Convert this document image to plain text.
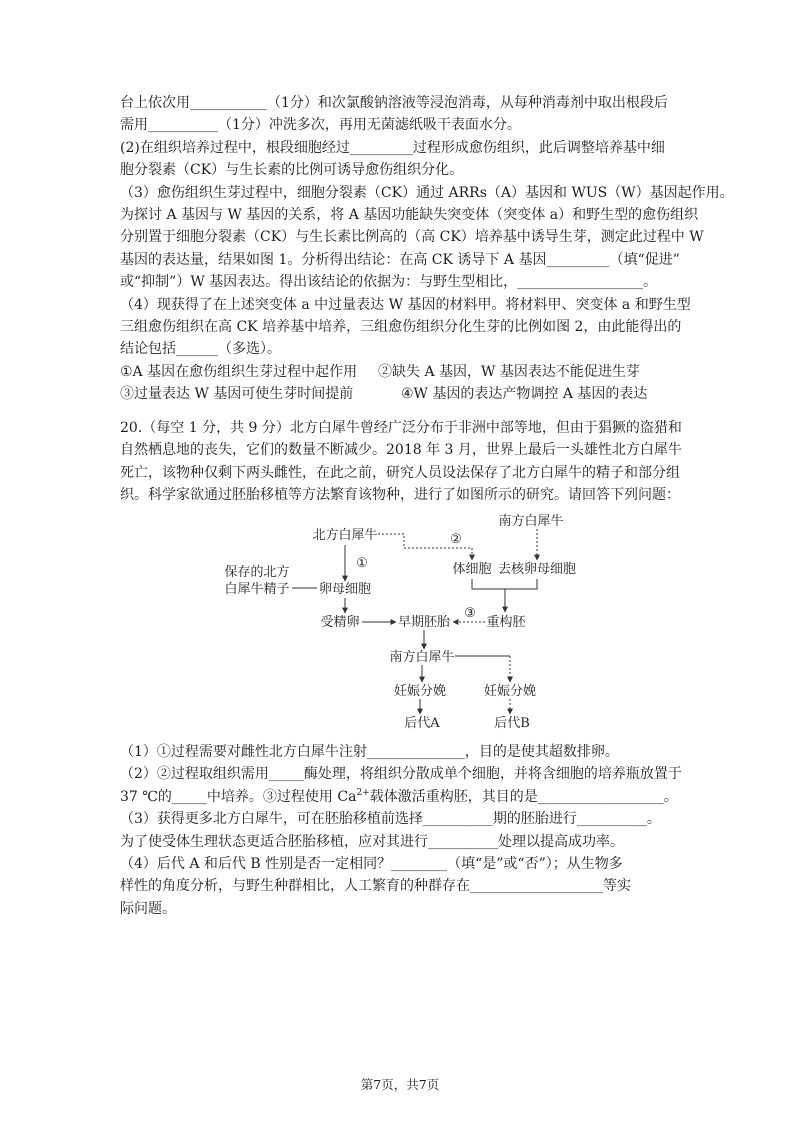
台上依次用___________（1分）和次氯酸钠溶液等浸泡消毒，从每种消毒剂中取出根段后
需用__________（1分）冲洗多次，再用无菌滤纸吸干表面水分。
(2)在组织培养过程中，根段细胞经过_________过程形成愈伤组织，此后调整培养基中细
胞分裂素（CK）与生长素的比例可诱导愈伤组织分化。
（3）愈伤组织生芽过程中，细胞分裂素（CK）通过 ARRs（A）基因和 WUS（W）基因起作用。
为探讨 A 基因与 W 基因的关系，将 A 基因功能缺失突变体（突变体 a）和野生型的愈伤组织
分别置于细胞分裂素（CK）与生长素比例高的（高 CK）培养基中诱导生芽，测定此过程中 W
基因的表达量，结果如图 1。分析得出结论：在高 CK 诱导下 A 基因_________（填“促进”
或“抑制”）W 基因表达。得出该结论的依据为：与野生型相比，__________________。
（4）现获得了在上述突变体 a 中过量表达 W 基因的材料甲。将材料甲、突变体 a 和野生型
三组愈伤组织在高 CK 培养基中培养，三组愈伤组织分化生芽的比例如图 2，由此能得出的
结论包括______（多选）。
①A 基因在愈伤组织生芽过程中起作用 ②缺失 A 基因，W 基因表达不能促进生芽
③过量表达 W 基因可使生芽时间提前	④W 基因的表达产物调控 A 基因的表达
20.（每空 1 分，共 9 分）北方白犀牛曾经广泛分布于非洲中部等地，但由于猖獗的盗猎和
自然栖息地的丧失，它们的数量不断减少。2018 年 3 月，世界上最后一头雄性北方白犀牛
死亡，该物种仅剩下两头雌性，在此之前，研究人员设法保存了北方白犀牛的精子和部分组
织。科学家欲通过胚胎移植等方法繁育该物种，进行了如图所示的研究。请回答下列问题：
北方白犀牛
南方白犀牛
①
②
③
保存的北方
白犀牛精子 卵母细胞
体细胞 去核卵母细胞
受精卵	早期胚胎	重构胚
南方白犀牛
妊娠分娩	妊娠分娩
后代A	后代B
（1）①过程需要对雌性北方白犀牛注射______________，目的是使其超数排卵。
（2）②过程取组织需用_____酶处理，将组织分散成单个细胞，并将含细胞的培养瓶放置于
37 ℃的_____中培养。③过程使用 $Ca^{2+}$载体激活重构胚，其目的是__________________。
（3）获得更多北方白犀牛，可在胚胎移植前选择__________期的胚胎进行__________。
为了使受体生理状态更适合胚胎移植，应对其进行__________处理以提高成功率。
（4）后代 A 和后代 B 性别是否一定相同？________（填“是”或“否”）；从生物多
样性的角度分析，与野生种群相比，人工繁育的种群存在___________________等实
际问题。
第7页，共7页
